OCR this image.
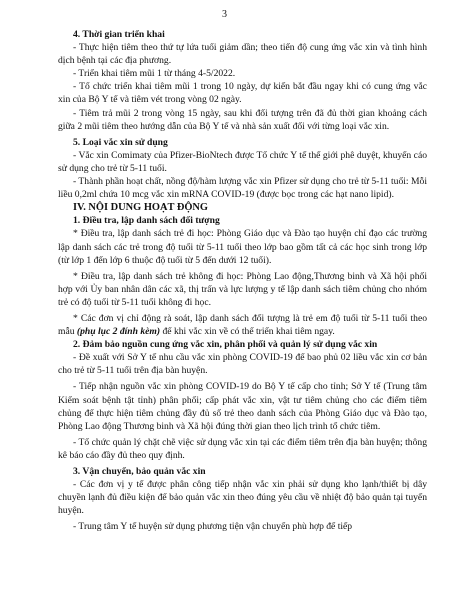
3

4. Thời gian triển khai

- Thực hiện tiêm theo thứ tự lứa tuổi giảm dần; theo tiến độ cung ứng vắc xin và tình hình dịch bệnh tại các địa phương.

- Triển khai tiêm mũi 1 từ tháng 4-5/2022.

- Tổ chức triển khai tiêm mũi 1 trong 10 ngày, dự kiến bắt đầu ngay khi có cung ứng vắc xin của Bộ Y tế và tiêm vét trong vòng 02 ngày.

- Tiêm trả mũi 2 trong vòng 15 ngày, sau khi đối tượng trên đã đủ thời gian khoảng cách giữa 2 mũi tiêm theo hướng dẫn của Bộ Y tế và nhà sản xuất đối với từng loại vắc xin.

5. Loại vắc xin sử dụng

- Vắc xin Comimaty của Pfizer-BioNtech được Tổ chức Y tế thế giới phê duyệt, khuyến cáo sử dụng cho trẻ từ 5-11 tuổi.

- Thành phần hoạt chất, nồng độ/hàm lượng vắc xin Pfizer sử dụng cho trẻ từ 5-11 tuổi: Mỗi liều 0,2ml chứa 10 mcg vắc xin mRNA COVID-19 (được bọc trong các hạt nano lipid).

IV. NỘI DUNG HOẠT ĐỘNG

1. Điều tra, lập danh sách đối tượng

* Điều tra, lập danh sách trẻ đi học: Phòng Giáo dục và Đào tạo huyện chỉ đạo các trường lập danh sách các trẻ trong độ tuổi từ 5-11 tuổi theo lớp bao gồm tất cả các học sinh trong lớp (từ lớp 1 đến lớp 6 thuộc độ tuổi từ 5 đến dưới 12 tuổi).

* Điều tra, lập danh sách trẻ không đi học: Phòng Lao động,Thương binh và Xã hội phối hợp với Ủy ban nhân dân các xã, thị trấn và lực lượng y tế lập danh sách tiêm chủng cho nhóm trẻ có độ tuổi từ 5-11 tuổi không đi học.

* Các đơn vị chỉ động rà soát, lập danh sách đối tượng là trẻ em độ tuổi từ 5-11 tuổi theo mẫu (phụ lục 2 đính kèm) để khi vắc xin về có thể triển khai tiêm ngay.

2. Đảm bảo nguồn cung ứng vắc xin, phân phối và quản lý sử dụng vắc xin

- Đề xuất với Sở Y tế nhu cầu vắc xin phòng COVID-19 để bao phủ 02 liều vắc xin cơ bản cho trẻ từ 5-11 tuổi trên địa bàn huyện.

- Tiếp nhận nguồn vắc xin phòng COVID-19 do Bộ Y tế cấp cho tỉnh; Sở Y tế (Trung tâm Kiểm soát bệnh tật tỉnh) phân phối; cấp phát vắc xin, vật tư tiêm chủng cho các điểm tiêm chủng để thực hiện tiêm chủng đầy đủ số trẻ theo danh sách của Phòng Giáo dục và Đào tạo, Phòng Lao động Thương binh và Xã hội đúng thời gian theo lịch trình tổ chức tiêm.

- Tổ chức quản lý chặt chẽ việc sử dụng vắc xin tại các điểm tiêm trên địa bàn huyện; thông kê báo cáo đầy đủ theo quy định.

3. Vận chuyển, bảo quản vắc xin

- Các đơn vị y tế được phân công tiếp nhận vắc xin phải sử dụng kho lạnh/thiết bị dây chuyền lạnh đủ điều kiện để bảo quản vắc xin theo đúng yêu cầu về nhiệt độ bảo quản tại tuyến huyện.

- Trung tâm Y tế huyện sử dụng phương tiện vận chuyển phù hợp để tiếp
